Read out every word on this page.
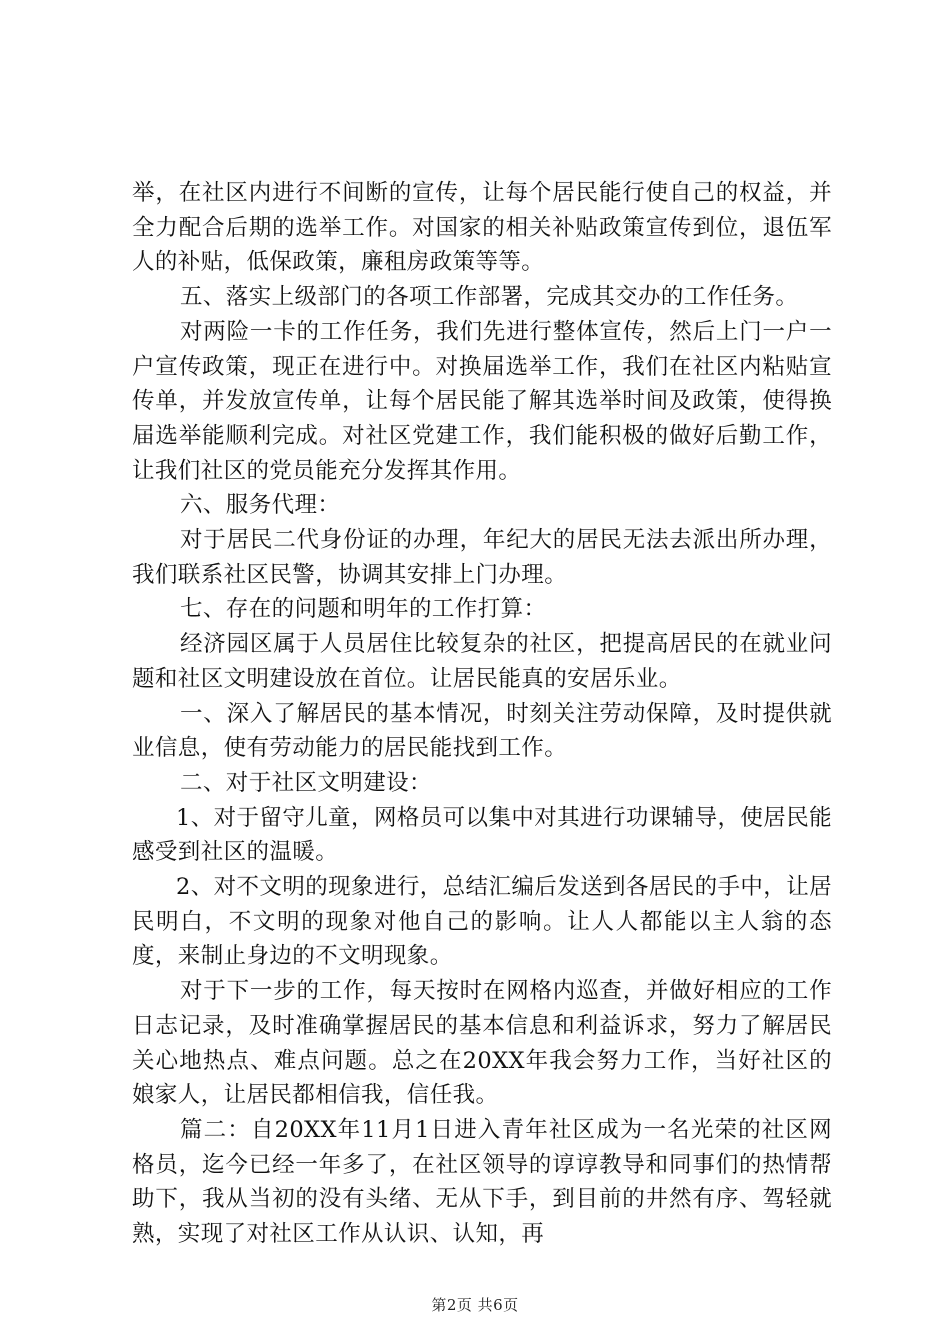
举，在社区内进行不间断的宣传，让每个居民能行使自己的权益，并全力配合后期的选举工作。对国家的相关补贴政策宣传到位，退伍军人的补贴，低保政策，廉租房政策等等。

五、落实上级部门的各项工作部署，完成其交办的工作任务。

对两险一卡的工作任务，我们先进行整体宣传，然后上门一户一户宣传政策，现正在进行中。对换届选举工作，我们在社区内粘贴宣传单，并发放宣传单，让每个居民能了解其选举时间及政策，使得换届选举能顺利完成。对社区党建工作，我们能积极的做好后勤工作，让我们社区的党员能充分发挥其作用。

六、服务代理：

对于居民二代身份证的办理，年纪大的居民无法去派出所办理，我们联系社区民警，协调其安排上门办理。

七、存在的问题和明年的工作打算：

经济园区属于人员居住比较复杂的社区，把提高居民的在就业问题和社区文明建设放在首位。让居民能真的安居乐业。

一、深入了解居民的基本情况，时刻关注劳动保障，及时提供就业信息，使有劳动能力的居民能找到工作。

二、对于社区文明建设：

1、对于留守儿童，网格员可以集中对其进行功课辅导，使居民能感受到社区的温暖。

2、对不文明的现象进行，总结汇编后发送到各居民的手中，让居民明白，不文明的现象对他自己的影响。让人人都能以主人翁的态度，来制止身边的不文明现象。

对于下一步的工作，每天按时在网格内巡查，并做好相应的工作日志记录，及时准确掌握居民的基本信息和利益诉求，努力了解居民关心地热点、难点问题。总之在20XX年我会努力工作，当好社区的娘家人，让居民都相信我，信任我。

篇二：自20XX年11月1日进入青年社区成为一名光荣的社区网格员，迄今已经一年多了，在社区领导的谆谆教导和同事们的热情帮助下，我从当初的没有头绪、无从下手，到目前的井然有序、驾轻就熟，实现了对社区工作从认识、认知，再

第2页 共6页
